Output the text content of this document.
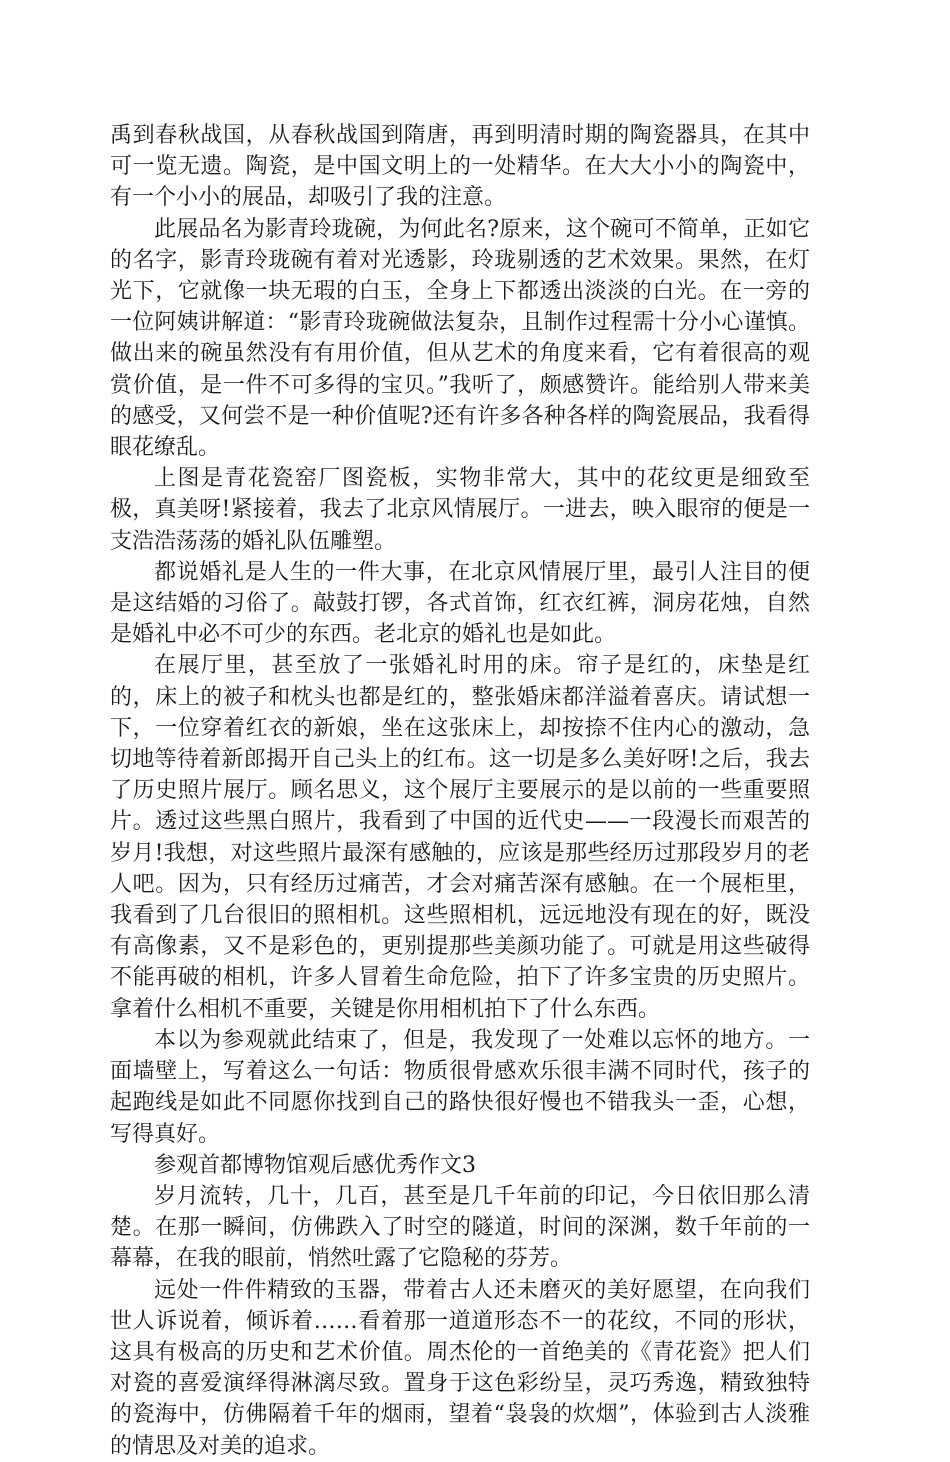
禹到春秋战国，从春秋战国到隋唐，再到明清时期的陶瓷器具，在其中可一览无遗。陶瓷，是中国文明上的一处精华。在大大小小的陶瓷中，有一个小小的展品，却吸引了我的注意。

此展品名为影青玲珑碗，为何此名?原来，这个碗可不简单，正如它的名字，影青玲珑碗有着对光透影，玲珑剔透的艺术效果。果然，在灯光下，它就像一块无瑕的白玉，全身上下都透出淡淡的白光。在一旁的一位阿姨讲解道：“影青玲珑碗做法复杂，且制作过程需十分小心谨慎。做出来的碗虽然没有有用价值，但从艺术的角度来看，它有着很高的观赏价值，是一件不可多得的宝贝。”我听了，颇感赞许。能给别人带来美的感受，又何尝不是一种价值呢?还有许多各种各样的陶瓷展品，我看得眼花缭乱。

上图是青花瓷窑厂图瓷板，实物非常大，其中的花纹更是细致至极，真美呀!紧接着，我去了北京风情展厅。一进去，映入眼帘的便是一支浩浩荡荡的婚礼队伍雕塑。

都说婚礼是人生的一件大事，在北京风情展厅里，最引人注目的便是这结婚的习俗了。敲鼓打锣，各式首饰，红衣红裤，洞房花烛，自然是婚礼中必不可少的东西。老北京的婚礼也是如此。

在展厅里，甚至放了一张婚礼时用的床。帘子是红的，床垫是红的，床上的被子和枕头也都是红的，整张婚床都洋溢着喜庆。请试想一下，一位穿着红衣的新娘，坐在这张床上，却按捺不住内心的激动，急切地等待着新郎揭开自己头上的红布。这一切是多么美好呀!之后，我去了历史照片展厅。顾名思义，这个展厅主要展示的是以前的一些重要照片。透过这些黑白照片，我看到了中国的近代史——一段漫长而艰苦的岁月!我想，对这些照片最深有感触的，应该是那些经历过那段岁月的老人吧。因为，只有经历过痛苦，才会对痛苦深有感触。在一个展柜里，我看到了几台很旧的照相机。这些照相机，远远地没有现在的好，既没有高像素，又不是彩色的，更别提那些美颜功能了。可就是用这些破得不能再破的相机，许多人冒着生命危险，拍下了许多宝贵的历史照片。拿着什么相机不重要，关键是你用相机拍下了什么东西。

本以为参观就此结束了，但是，我发现了一处难以忘怀的地方。一面墙壁上，写着这么一句话：物质很骨感欢乐很丰满不同时代，孩子的起跑线是如此不同愿你找到自己的路快很好慢也不错我头一歪，心想，写得真好。

参观首都博物馆观后感优秀作文3

岁月流转，几十，几百，甚至是几千年前的印记，今日依旧那么清楚。在那一瞬间，仿佛跌入了时空的隧道，时间的深渊，数千年前的一幕幕，在我的眼前，悄然吐露了它隐秘的芬芳。

远处一件件精致的玉器，带着古人还未磨灭的美好愿望，在向我们世人诉说着，倾诉着……看着那一道道形态不一的花纹，不同的形状，这具有极高的历史和艺术价值。周杰伦的一首绝美的《青花瓷》把人们对瓷的喜爱演绎得淋漓尽致。置身于这色彩纷呈，灵巧秀逸，精致独特的瓷海中，仿佛隔着千年的烟雨，望着“袅袅的炊烟”，体验到古人淡雅的情思及对美的追求。
